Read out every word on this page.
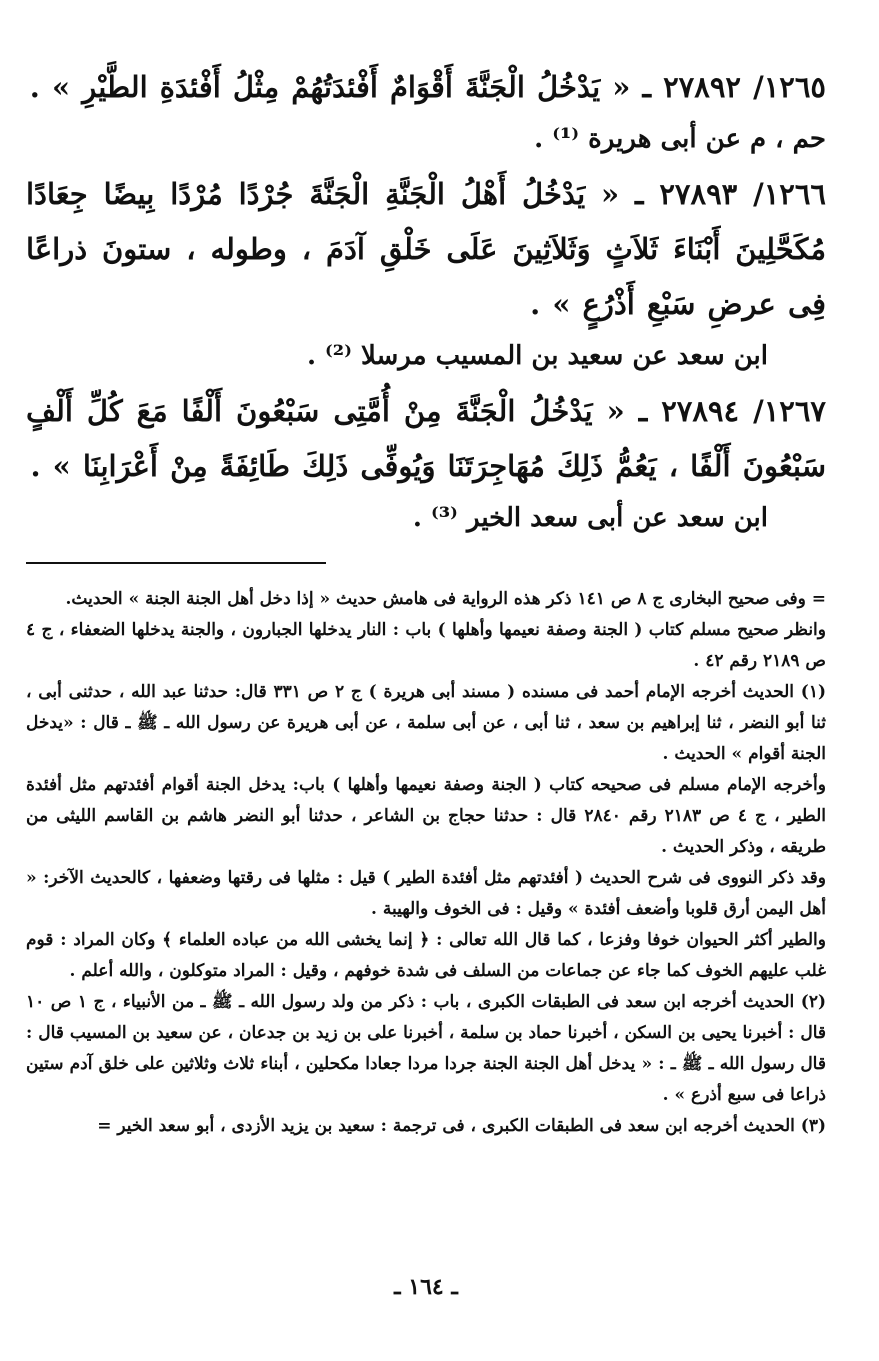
١٢٦٥/ ٢٧٨٩٢ ـ « يَدْخُلُ الْجَنَّةَ أَقْوَامٌ أَفْئدَتُهُمْ مِثْلُ أَفْئدَةِ الطَّيْرِ » .

حم ، م عن أبى هريرة ⁽¹⁾ .

١٢٦٦/ ٢٧٨٩٣ ـ « يَدْخُلُ أَهْلُ الْجَنَّةِ الْجَنَّةَ جُرْدًا مُرْدًا بِيضًا جِعَادًا مُكَحَّلِينَ أَبْنَاءَ ثَلاَثٍ وَثَلاَثِينَ عَلَى خَلْقِ آدَمَ ، وطوله ، ستونَ ذراعًا فِى عرضِ سَبْعِ أَذْرُعٍ » .

ابن سعد عن سعيد بن المسيب مرسلا ⁽²⁾ .

١٢٦٧/ ٢٧٨٩٤ ـ « يَدْخُلُ الْجَنَّةَ مِنْ أُمَّتِى سَبْعُونَ أَلْفًا مَعَ كُلِّ أَلْفٍ سَبْعُونَ أَلْفًا ، يَعُمُّ ذَلِكَ مُهَاجِرَتَنَا وَيُوفِّى ذَلِكَ طَائِفَةً مِنْ أَعْرَابِنَا » .

ابن سعد عن أبى سعد الخير ⁽³⁾ .

= وفى صحيح البخارى ج ٨ ص ١٤١ ذكر هذه الرواية فى هامش حديث « إذا دخل أهل الجنة الجنة » الحديث.

وانظر صحيح مسلم كتاب ( الجنة وصفة نعيمها وأهلها ) باب : النار يدخلها الجبارون ، والجنة يدخلها الضعفاء ، ج ٤ ص ٢١٨٩ رقم ٤٢ .

(١) الحديث أخرجه الإمام أحمد فى مسنده ( مسند أبى هريرة ) ج ٢ ص ٣٣١ قال: حدثنا عبد الله ، حدثنى أبى ، ثنا أبو النضر ، ثنا إبراهيم بن سعد ، ثنا أبى ، عن أبى سلمة ، عن أبى هريرة عن رسول الله ـ ﷺ ـ قال : «يدخل الجنة أقوام » الحديث .

وأخرجه الإمام مسلم فى صحيحه كتاب ( الجنة وصفة نعيمها وأهلها ) باب: يدخل الجنة أقوام أفئدتهم مثل أفئدة الطير ، ج ٤ ص ٢١٨٣ رقم ٢٨٤٠ قال : حدثنا حجاج بن الشاعر ، حدثنا أبو النضر هاشم بن القاسم الليثى من طريقه ، وذكر الحديث .

وقد ذكر النووى فى شرح الحديث ( أفئدتهم مثل أفئدة الطير ) قيل : مثلها فى رقتها وضعفها ، كالحديث الآخر: « أهل اليمن أرق قلوبا وأضعف أفئدة » وقيل : فى الخوف والهيبة .

والطير أكثر الحيوان خوفا وفزعا ، كما قال الله تعالى : ﴿ إنما يخشى الله من عباده العلماء ﴾ وكان المراد : قوم غلب عليهم الخوف كما جاء عن جماعات من السلف فى شدة خوفهم ، وقيل : المراد متوكلون ، والله أعلم .

(٢) الحديث أخرجه ابن سعد فى الطبقات الكبرى ، باب : ذكر من ولد رسول الله ـ ﷺ ـ من الأنبياء ، ج ١ ص ١٠ قال : أخبرنا يحيى بن السكن ، أخبرنا حماد بن سلمة ، أخبرنا على بن زيد بن جدعان ، عن سعيد بن المسيب قال : قال رسول الله ـ ﷺ ـ : « يدخل أهل الجنة الجنة جردا مردا جعادا مكحلين ، أبناء ثلاث وثلاثين على خلق آدم ستين ذراعا فى سبع أذرع » .

(٣) الحديث أخرجه ابن سعد فى الطبقات الكبرى ، فى ترجمة : سعيد بن يزيد الأزدى ، أبو سعد الخير =

ـ ١٦٤ ـ
